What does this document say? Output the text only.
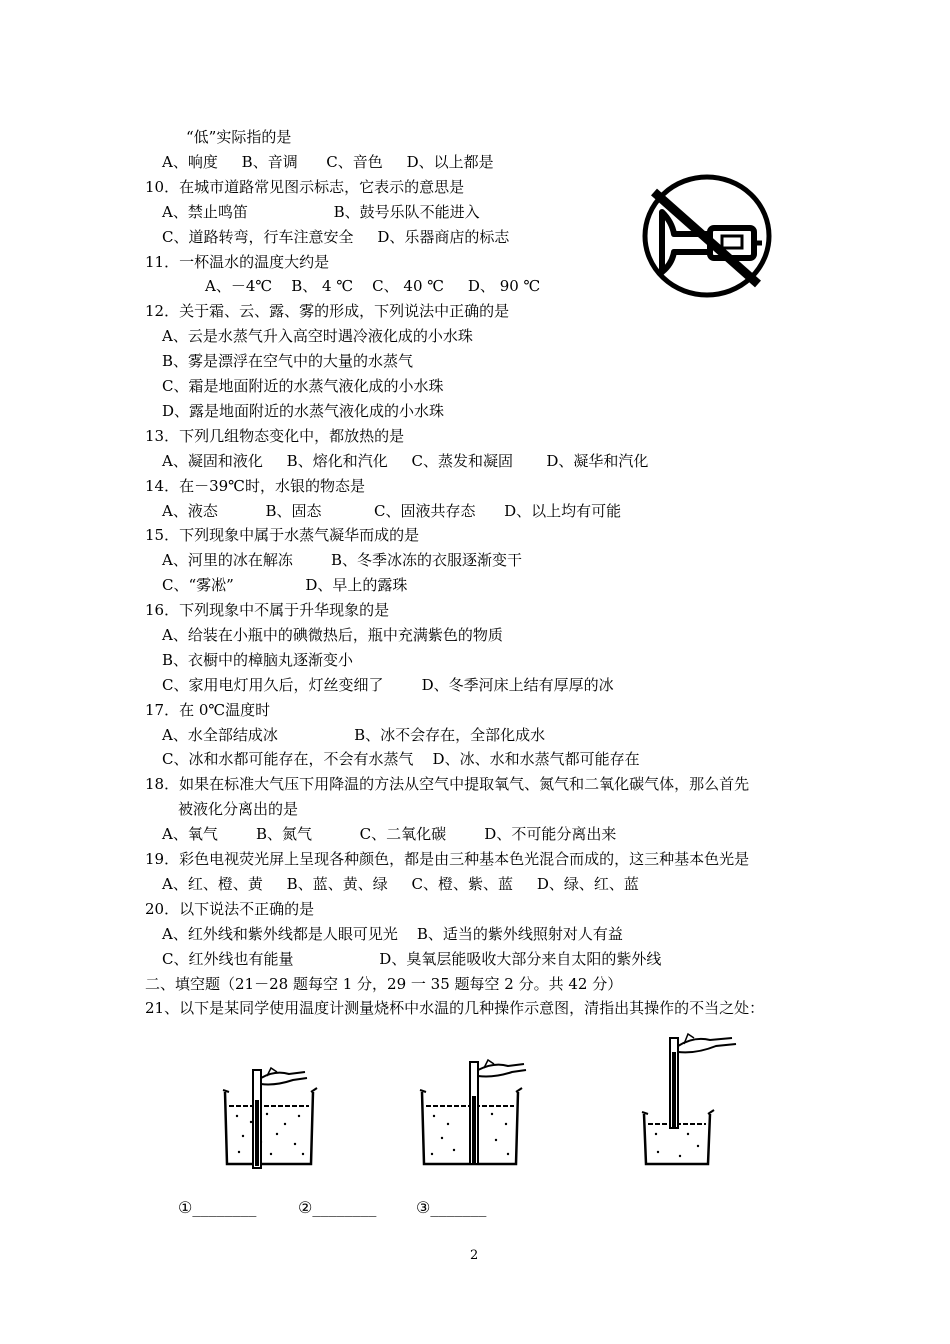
“低”实际指的是
A、响度     B、音调      C、音色     D、以上都是
10．在城市道路常见图示标志，它表示的意思是
A、禁止鸣笛                  B、鼓号乐队不能进入
C、道路转弯，行车注意安全     D、乐器商店的标志
11．一杯温水的温度大约是
A、－4℃    B、 4 ℃    C、 40 ℃     D、 90 ℃
12．关于霜、云、露、雾的形成，下列说法中正确的是
A、云是水蒸气升入高空时遇冷液化成的小水珠
B、雾是漂浮在空气中的大量的水蒸气
C、霜是地面附近的水蒸气液化成的小水珠
D、露是地面附近的水蒸气液化成的小水珠
13．下列几组物态变化中，都放热的是
A、凝固和液化     B、熔化和汽化     C、蒸发和凝固       D、凝华和汽化
14．在－39℃时，水银的物态是
A、液态          B、固态           C、固液共存态      D、以上均有可能
15．下列现象中属于水蒸气凝华而成的是
A、河里的冰在解冻        B、冬季冰冻的衣服逐渐变干
C、“雾凇”               D、早上的露珠
16．下列现象中不属于升华现象的是
A、给装在小瓶中的碘微热后，瓶中充满紫色的物质
B、衣橱中的樟脑丸逐渐变小
C、家用电灯用久后，灯丝变细了        D、冬季河床上结有厚厚的冰
17．在 0℃温度时
A、水全部结成冰                B、冰不会存在，全部化成水
C、冰和水都可能存在，不会有水蒸气    D、冰、水和水蒸气都可能存在
18．如果在标准大气压下用降温的方法从空气中提取氧气、氮气和二氧化碳气体，那么首先
被液化分离出的是
A、氧气        B、氮气          C、二氧化碳        D、不可能分离出来
19．彩色电视荧光屏上呈现各种颜色，都是由三种基本色光混合而成的，这三种基本色光是
A、红、橙、黄     B、蓝、黄、绿     C、橙、紫、蓝     D、绿、红、蓝
20．以下说法不正确的是
A、红外线和紫外线都是人眼可见光    B、适当的紫外线照射对人有益
C、红外线也有能量                  D、臭氧层能吸收大部分来自太阳的紫外线
二、填空题（21－28 题每空 1 分，29 一 35 题每空 2 分。共 42 分）
21、以下是某同学使用温度计测量烧杯中水温的几种操作示意图，清指出其操作的不当之处：
①________	②________ ③_______
2
